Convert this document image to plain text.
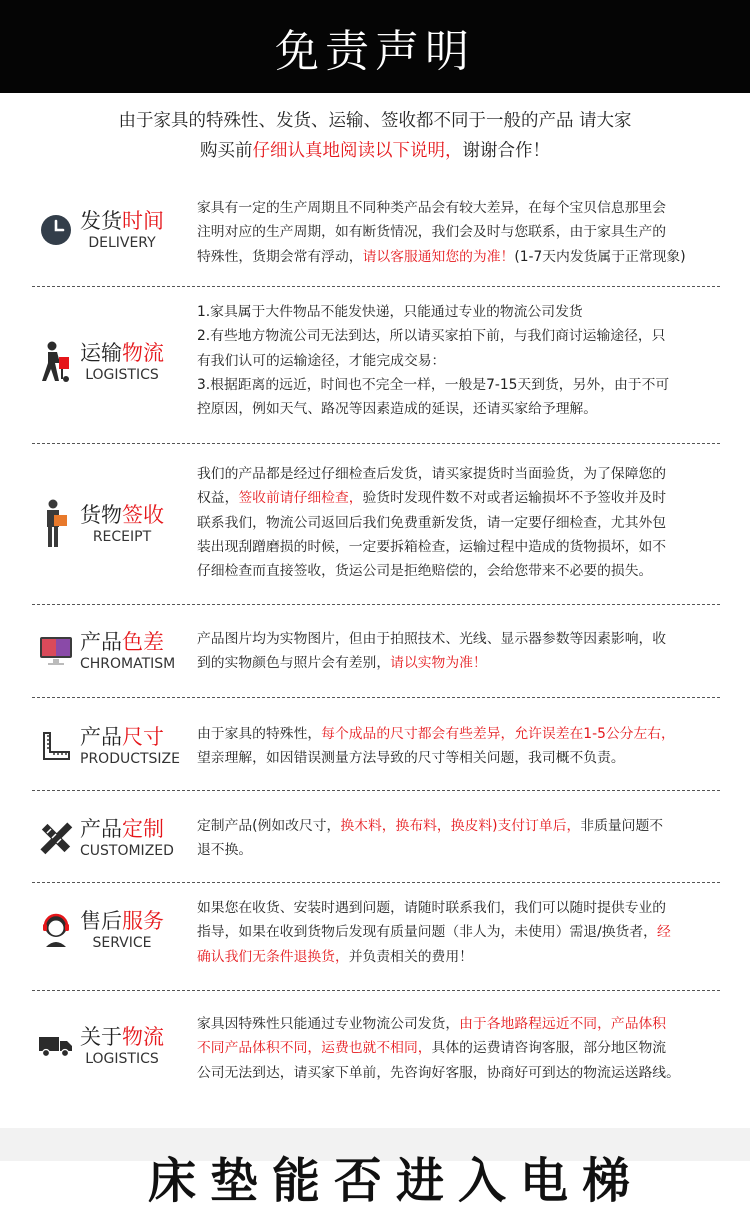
免责声明
由于家具的特殊性、发货、运输、签收都不同于一般的产品 请大家
购买前仔细认真地阅读以下说明，谢谢合作！
发货时间
DELIVERY
家具有一定的生产周期且不同种类产品会有较大差异，在每个宝贝信息那里会
注明对应的生产周期，如有断货情况，我们会及时与您联系，由于家具生产的
特殊性，货期会常有浮动，请以客服通知您的为准！(1-7天内发货属于正常现象)
运输物流
LOGISTICS
1.家具属于大件物品不能发快递，只能通过专业的物流公司发货
2.有些地方物流公司无法到达，所以请买家拍下前，与我们商讨运输途径，只
有我们认可的运输途径，才能完成交易：
3.根据距离的远近，时间也不完全一样，一般是7-15天到货，另外，由于不可
控原因，例如天气、路况等因素造成的延误，还请买家给予理解。
货物签收
RECEIPT
我们的产品都是经过仔细检查后发货，请买家提货时当面验货，为了保障您的
权益，签收前请仔细检查，验货时发现件数不对或者运输损坏不予签收并及时
联系我们，物流公司返回后我们免费重新发货，请一定要仔细检查，尤其外包
装出现刮蹭磨损的时候，一定要拆箱检查，运输过程中造成的货物损坏，如不
仔细检查而直接签收，货运公司是拒绝赔偿的，会给您带来不必要的损失。
产品色差
CHROMATISM
产品图片均为实物图片，但由于拍照技术、光线、显示器参数等因素影响，收
到的实物颜色与照片会有差别，请以实物为准！
产品尺寸
PRODUCTSIZE
由于家具的特殊性，每个成品的尺寸都会有些差异，允许误差在1-5公分左右，
望亲理解，如因错误测量方法导致的尺寸等相关问题，我司概不负责。
产品定制
CUSTOMIZED
定制产品(例如改尺寸，换木料，换布料，换皮料)支付订单后，非质量问题不
退不换。
售后服务
SERVICE
如果您在收货、安装时遇到问题，请随时联系我们，我们可以随时提供专业的
指导，如果在收到货物后发现有质量问题（非人为，未使用）需退/换货者，经
确认我们无条件退换货，并负责相关的费用！
关于物流
LOGISTICS
家具因特殊性只能通过专业物流公司发货，由于各地路程远近不同，产品体积
不同产品体积不同，运费也就不相同，具体的运费请咨询客服，部分地区物流
公司无法到达，请买家下单前，先咨询好客服，协商好可到达的物流运送路线。
床垫能否进入电梯
